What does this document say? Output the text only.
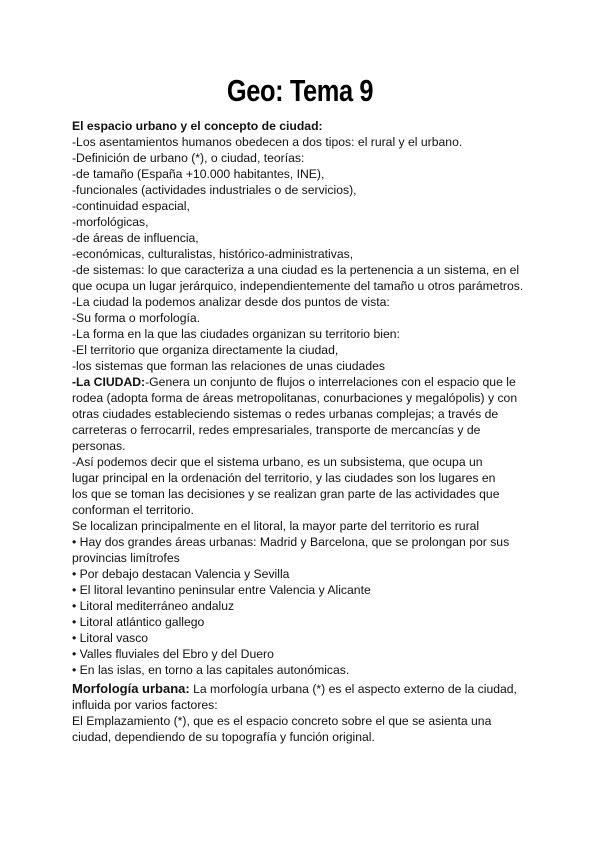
Geo: Tema 9
El espacio urbano y el concepto de ciudad:
-Los asentamientos humanos obedecen a dos tipos: el rural y el urbano.
-Definición de urbano (*), o ciudad, teorías:
-de tamaño (España +10.000 habitantes, INE),
-funcionales (actividades industriales o de servicios),
-continuidad espacial,
-morfológicas,
-de áreas de influencia,
-económicas, culturalistas, histórico-administrativas,
-de sistemas: lo que caracteriza a una ciudad es la pertenencia a un sistema, en el
que ocupa un lugar jerárquico, independientemente del tamaño u otros parámetros.
-La ciudad la podemos analizar desde dos puntos de vista:
-Su forma o morfología.
-La forma en la que las ciudades organizan su territorio bien:
-El territorio que organiza directamente la ciudad,
-los sistemas que forman las relaciones de unas ciudades
-La CIUDAD:-Genera un conjunto de flujos o interrelaciones con el espacio que le
rodea (adopta forma de áreas metropolitanas, conurbaciones y megalópolis) y con
otras ciudades estableciendo sistemas o redes urbanas complejas; a través de
carreteras o ferrocarril, redes empresariales, transporte de mercancías y de
personas.
-Así podemos decir que el sistema urbano, es un subsistema, que ocupa un
lugar principal en la ordenación del territorio, y las ciudades son los lugares en
los que se toman las decisiones y se realizan gran parte de las actividades que
conforman el territorio.
Se localizan principalmente en el litoral, la mayor parte del territorio es rural
• Hay dos grandes áreas urbanas: Madrid y Barcelona, que se prolongan por sus
provincias limítrofes
• Por debajo destacan Valencia y Sevilla
• El litoral levantino peninsular entre Valencia y Alicante
• Litoral mediterráneo andaluz
• Litoral atlántico gallego
• Litoral vasco
• Valles fluviales del Ebro y del Duero
• En las islas, en torno a las capitales autonómicas.
Morfología urbana: La morfología urbana (*) es el aspecto externo de la ciudad,
influida por varios factores:
El Emplazamiento (*), que es el espacio concreto sobre el que se asienta una
ciudad, dependiendo de su topografía y función original.
